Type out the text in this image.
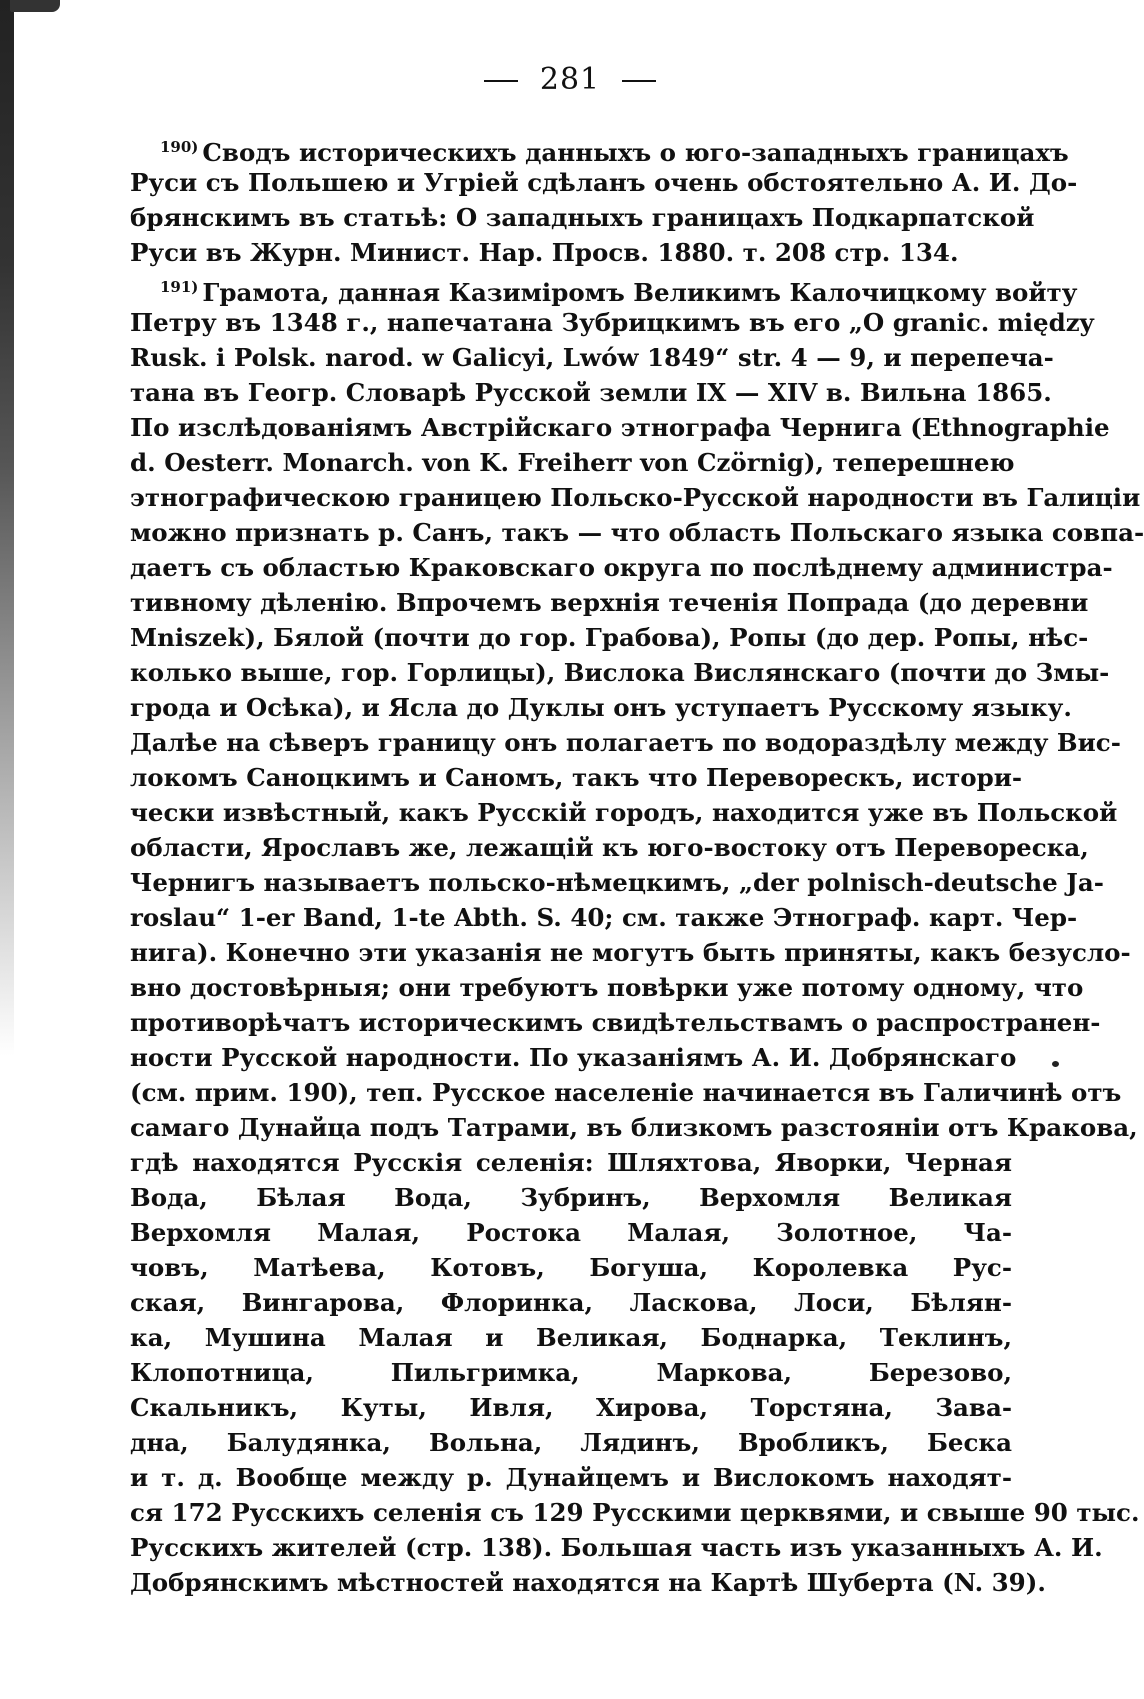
281
$^{190)}$ Сводъ историческихъ данныхъ о юго-западныхъ границахъ
Руси съ Польшею и Угріей сдѣланъ очень обстоятельно А. И. До-
брянскимъ въ статьѣ: О западныхъ границахъ Подкарпатской
Руси въ Журн. Минист. Нар. Просв. 1880. т. 208 стр. 134.
$^{191)}$ Грамота, данная Казиміромъ Великимъ Калочицкому войту
Петру въ 1348 г., напечатана Зубрицкимъ въ его „O granic. między
Rusk. i Polsk. narod. w Galicyi, Lwów 1849“ str. 4 — 9, и перепеча-
тана въ Геогр. Словарѣ Русской земли IX — XIV в. Вильна 1865.
По изслѣдованіямъ Австрійскаго этнографа Чернига (Ethnographie
d. Oesterr. Monarch. von K. Freiherr von Czörnig), теперешнею
этнографическою границею Польско-Русской народности въ Галиціи
можно признать р. Санъ, такъ — что область Польскаго языка совпа-
даетъ съ областью Краковскаго округа по послѣднему администра-
тивному дѣленію. Впрочемъ верхнія теченія Попрада (до деревни
Mniszek), Бялой (почти до гор. Грабова), Ропы (до дер. Ропы, нѣс-
колько выше, гор. Горлицы), Вислока Вислянскаго (почти до Змы-
грода и Осѣка), и Ясла до Дуклы онъ уступаетъ Русскому языку.
Далѣе на сѣверъ границу онъ полагаетъ по водораздѣлу между Вис-
локомъ Саноцкимъ и Саномъ, такъ что Переворескъ, истори-
чески извѣстный, какъ Русскій городъ, находится уже въ Польской
области, Ярославъ же, лежащій къ юго-востоку отъ Перевореска,
Чернигъ называетъ польско-нѣмецкимъ, „der polnisch-deutsche Ja-
roslau“ 1-er Band, 1-te Abth. S. 40; см. также Этнограф. карт. Чер-
нига). Конечно эти указанія не могутъ быть приняты, какъ безусло-
вно достовѣрныя; они требуютъ повѣрки уже потому одному, что
противорѣчатъ историческимъ свидѣтельствамъ о распространен-
ности Русской народности. По указаніямъ А. И. Добрянскаго
(см. прим. 190), теп. Русское населеніе начинается въ Галичинѣ отъ
самаго Дунайца подъ Татрами, въ близкомъ разстояніи отъ Кракова,
гдѣ находятся Русскія селенія: Шляхтова, Яворки, Черная
Вода, Бѣлая Вода, Зубринъ, Верхомля Великая
Верхомля Малая, Ростока Малая, Золотное, Ча-
човъ, Матѣева, Котовъ, Богуша, Королевка Рус-
ская, Вингарова, Флоринка, Ласкова, Лоси, Бѣлян-
ка, Мушина Малая и Великая, Боднарка, Теклинъ,
Клопотница, Пильгримка, Маркова, Березово,
Скальникъ, Куты, Ивля, Хирова, Торстяна, Зава-
дна, Балудянка, Вольна, Лядинъ, Вробликъ, Беска
и т. д. Вообще между р. Дунайцемъ и Вислокомъ находят-
ся 172 Русскихъ селенія съ 129 Русскими церквями, и свыше 90 тыс.
Русскихъ жителей (стр. 138). Большая часть изъ указанныхъ А. И.
Добрянскимъ мѣстностей находятся на Картѣ Шуберта (N. 39).
